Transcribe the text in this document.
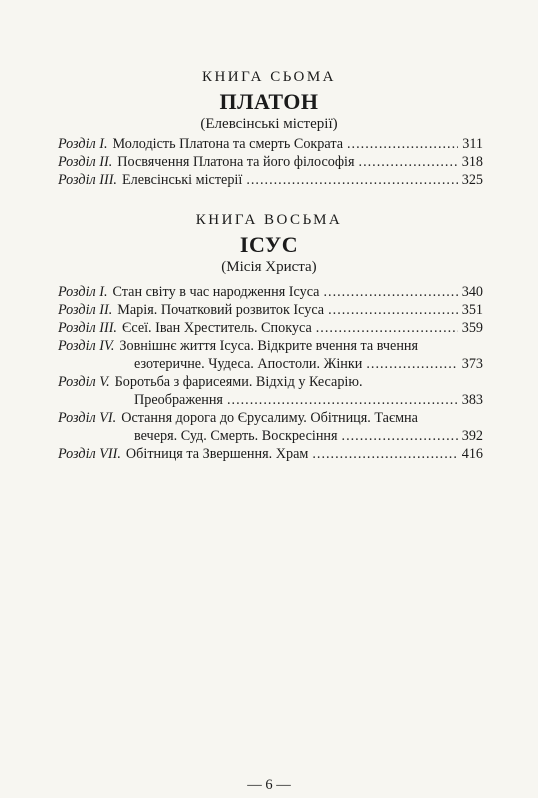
КНИГА СЬОМА
ПЛАТОН
(Елевсінські містерії)
Розділ І. Молодість Платона та смерть Сократа .....	311
Розділ ІІ. Посвячення Платона та його філософія .....	318
Розділ ІІІ. Елевсінські містерії .....	325
КНИГА ВОСЬМА
ІСУС
(Місія Христа)
Розділ І. Стан світу в час народження Ісуса .....	340
Розділ ІІ. Марія. Початковий розвиток Ісуса .....	351
Розділ ІІІ. Єсеї. Іван Хреститель. Спокуса .....	359
Розділ IV. Зовнішнє життя Ісуса. Відкрите вчення та вчення
езотеричне. Чудеса. Апостоли. Жінки .....	373
Розділ V. Боротьба з фарисеями. Відхід у Кесарію.
Преображення .....	383
Розділ VI. Остання дорога до Єрусалиму. Обітниця. Таємна
вечеря. Суд. Смерть. Воскресіння .....	392
Розділ VII. Обітниця та Звершення. Храм .....	416
— 6 —
